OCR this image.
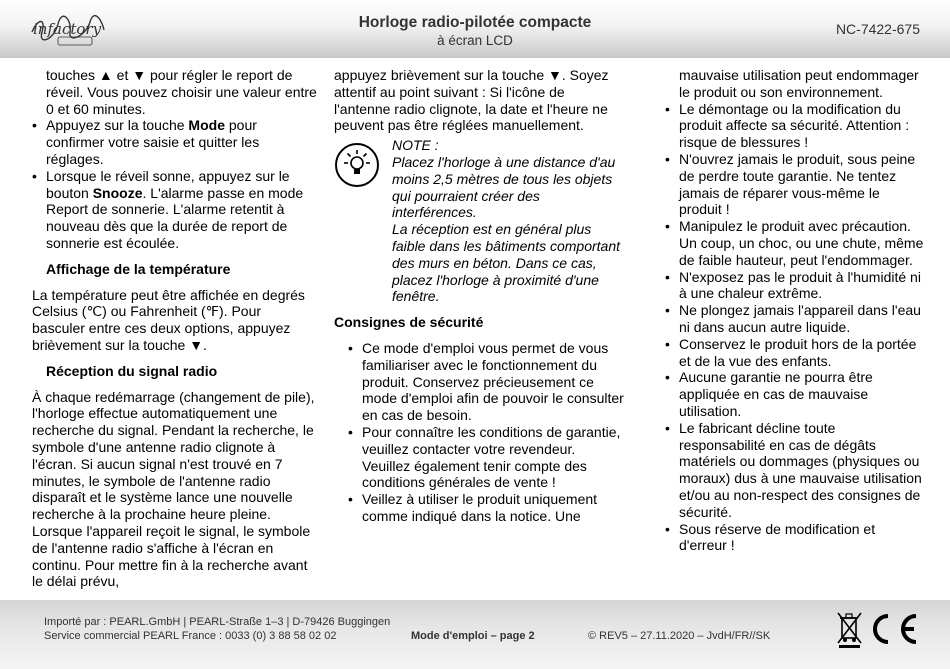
infactory	Horloge radio-pilotée compacte
à écran LCD
NC-7422-675

touches ▲ et ▼ pour régler le report de réveil. Vous pouvez choisir une valeur entre 0 et 60 minutes.

• Appuyez sur la touche Mode pour confirmer votre saisie et quitter les réglages.
• Lorsque le réveil sonne, appuyez sur le bouton Snooze. L'alarme passe en mode Report de sonnerie. L'alarme retentit à nouveau dès que la durée de report de sonnerie est écoulée.
Affichage de la température

La température peut être affichée en degrés Celsius (℃) ou Fahrenheit (℉). Pour basculer entre ces deux options, appuyez brièvement sur la touche ▼.

Réception du signal radio

À chaque redémarrage (changement de pile), l'horloge effectue automatiquement une recherche du signal. Pendant la recherche, le symbole d'une antenne radio clignote à l'écran. Si aucun signal n'est trouvé en 7 minutes, le symbole de l'antenne radio disparaît et le système lance une nouvelle recherche à la prochaine heure pleine. Lorsque l'appareil reçoit le signal, le symbole de l'antenne radio s'affiche à l'écran en continu. Pour mettre fin à la recherche avant le délai prévu,

appuyez brièvement sur la touche ▼. Soyez attentif au point suivant : Si l'icône de l'antenne radio clignote, la date et l'heure ne peuvent pas être réglées manuellement.

NOTE :

Placez l'horloge à une distance d'au moins 2,5 mètres de tous les objets qui pourraient créer des interférences.

La réception est en général plus faible dans les bâtiments comportant des murs en béton. Dans ce cas, placez l'horloge à proximité d'une fenêtre.

Consignes de sécurité
• Ce mode d'emploi vous permet de vous familiariser avec le fonctionnement du produit. Conservez précieusement ce mode d'emploi afin de pouvoir le consulter en cas de besoin.
• Pour connaître les conditions de garantie, veuillez contacter votre revendeur. Veuillez également tenir compte des conditions générales de vente !
• Veillez à utiliser le produit uniquement comme indiqué dans la notice. Une

mauvaise utilisation peut endommager le produit ou son environnement.

• Le démontage ou la modification du produit affecte sa sécurité. Attention : risque de blessures !
• N'ouvrez jamais le produit, sous peine de perdre toute garantie. Ne tentez jamais de réparer vous-même le produit !
• Manipulez le produit avec précaution. Un coup, un choc, ou une chute, même de faible hauteur, peut l'endommager.
• N'exposez pas le produit à l'humidité ni à une chaleur extrême.
• Ne plongez jamais l'appareil dans l'eau ni dans aucun autre liquide.
• Conservez le produit hors de la portée et de la vue des enfants.
• Aucune garantie ne pourra être appliquée en cas de mauvaise utilisation.
• Le fabricant décline toute responsabilité en cas de dégâts matériels ou dommages (physiques ou moraux) dus à une mauvaise utilisation et/ou au non-respect des consignes de sécurité.
• Sous réserve de modification et d'erreur !
Importé par : PEARL.GmbH | PEARL-Straße 1–3 | D-79426 Buggingen
Service commercial PEARL France : 0033 (0) 3 88 58 02 02	Mode d'emploi – page 2	© REV5 – 27.11.2020 – JvdH/FR//SK
